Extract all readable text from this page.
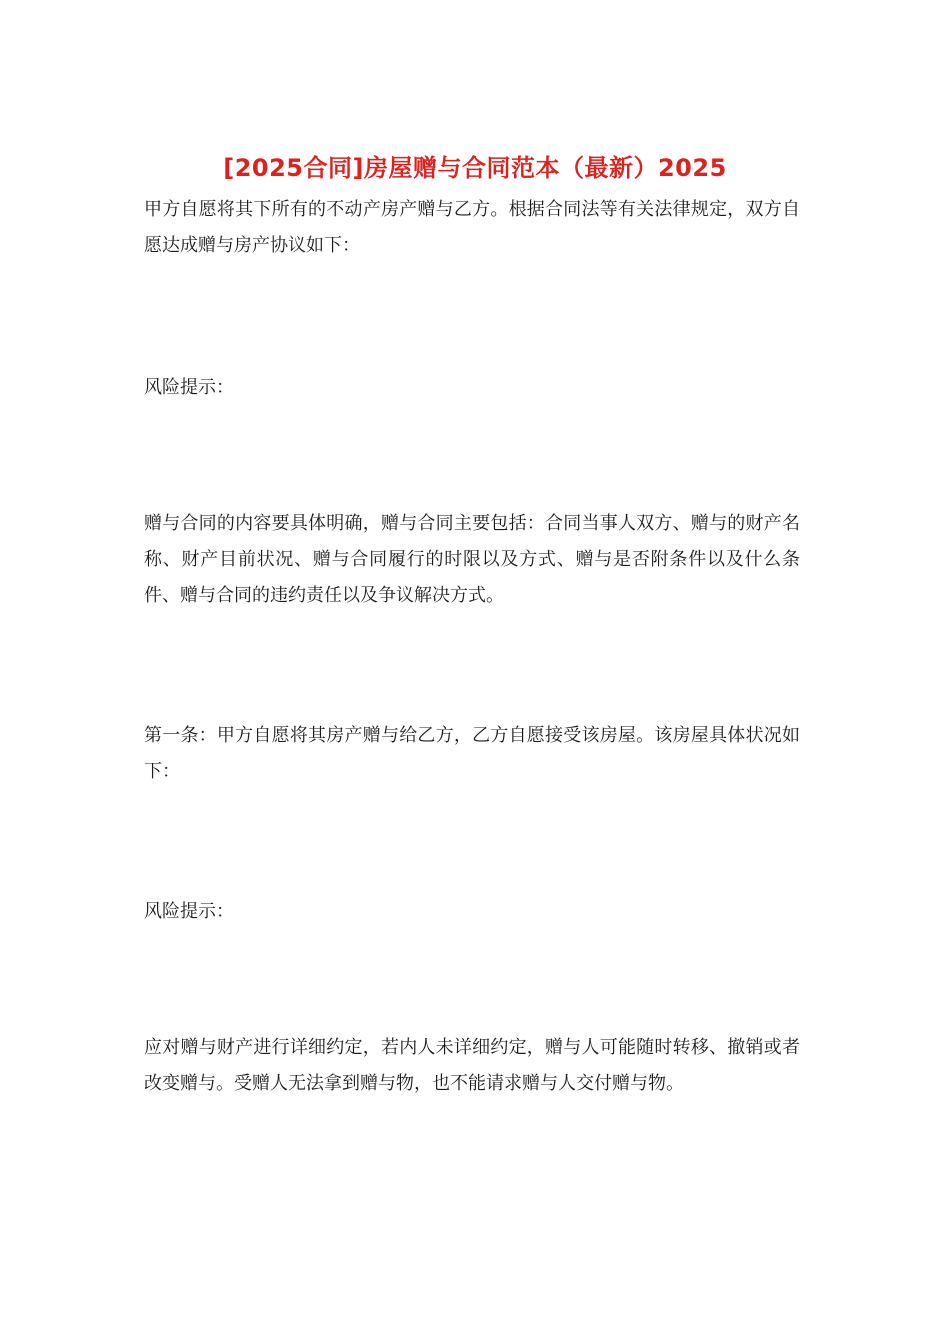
[2025合同]房屋赠与合同范本（最新）2025

甲方自愿将其下所有的不动产房产赠与乙方。根据合同法等有关法律规定，双方自愿达成赠与房产协议如下：

风险提示：

赠与合同的内容要具体明确，赠与合同主要包括：合同当事人双方、赠与的财产名称、财产目前状况、赠与合同履行的时限以及方式、赠与是否附条件以及什么条件、赠与合同的违约责任以及争议解决方式。

第一条：甲方自愿将其房产赠与给乙方，乙方自愿接受该房屋。该房屋具体状况如下：

风险提示：

应对赠与财产进行详细约定，若内人未详细约定，赠与人可能随时转移、撤销或者改变赠与。受赠人无法拿到赠与物，也不能请求赠与人交付赠与物。
